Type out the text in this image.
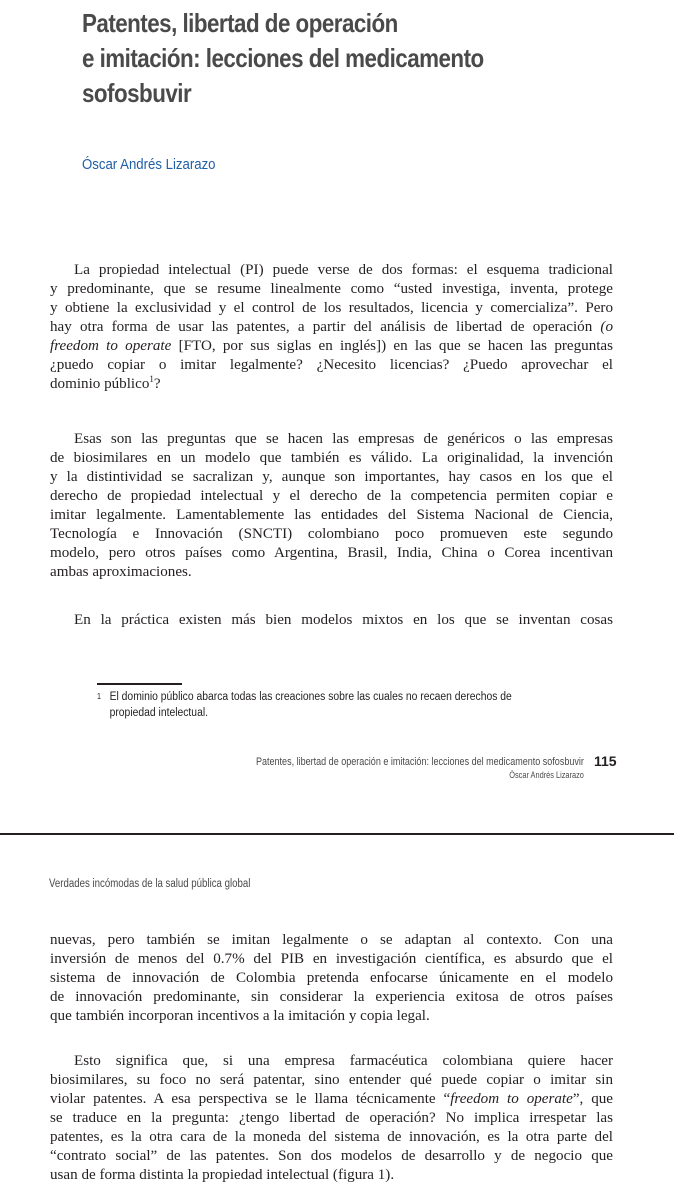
Patentes, libertad de operación
e imitación: lecciones del medicamento
sofosbuvir
Óscar Andrés Lizarazo

La propiedad intelectual (PI) puede verse de dos formas: el esquema tradicional
y predominante, que se resume linealmente como “usted investiga, inventa, protege
y obtiene la exclusividad y el control de los resultados, licencia y comercializa”. Pero
hay otra forma de usar las patentes, a partir del análisis de libertad de operación (o
freedom to operate [FTO, por sus siglas en inglés]) en las que se hacen las preguntas
¿puedo copiar o imitar legalmente? ¿Necesito licencias? ¿Puedo aprovechar el
dominio público$^1$?

Esas son las preguntas que se hacen las empresas de genéricos o las empresas
de biosimilares en un modelo que también es válido. La originalidad, la invención
y la distintividad se sacralizan y, aunque son importantes, hay casos en los que el
derecho de propiedad intelectual y el derecho de la competencia permiten copiar e
imitar legalmente. Lamentablemente las entidades del Sistema Nacional de Ciencia,
Tecnología e Innovación (SNCTI) colombiano poco promueven este segundo
modelo, pero otros países como Argentina, Brasil, India, China o Corea incentivan
ambas aproximaciones.

En la práctica existen más bien modelos mixtos en los que se inventan cosas

1 El dominio público abarca todas las creaciones sobre las cuales no recaen derechos de
propiedad intelectual.
Patentes, libertad de operación e imitación: lecciones del medicamento sofosbuvir
Óscar Andrés Lizarazo
115
Verdades incómodas de la salud pública global

nuevas, pero también se imitan legalmente o se adaptan al contexto. Con una
inversión de menos del 0.7% del PIB en investigación científica, es absurdo que el
sistema de innovación de Colombia pretenda enfocarse únicamente en el modelo
de innovación predominante, sin considerar la experiencia exitosa de otros países
que también incorporan incentivos a la imitación y copia legal.

Esto significa que, si una empresa farmacéutica colombiana quiere hacer
biosimilares, su foco no será patentar, sino entender qué puede copiar o imitar sin
violar patentes. A esa perspectiva se le llama técnicamente “freedom to operate”, que
se traduce en la pregunta: ¿tengo libertad de operación? No implica irrespetar las
patentes, es la otra cara de la moneda del sistema de innovación, es la otra parte del
“contrato social” de las patentes. Son dos modelos de desarrollo y de negocio que
usan de forma distinta la propiedad intelectual (figura 1).
